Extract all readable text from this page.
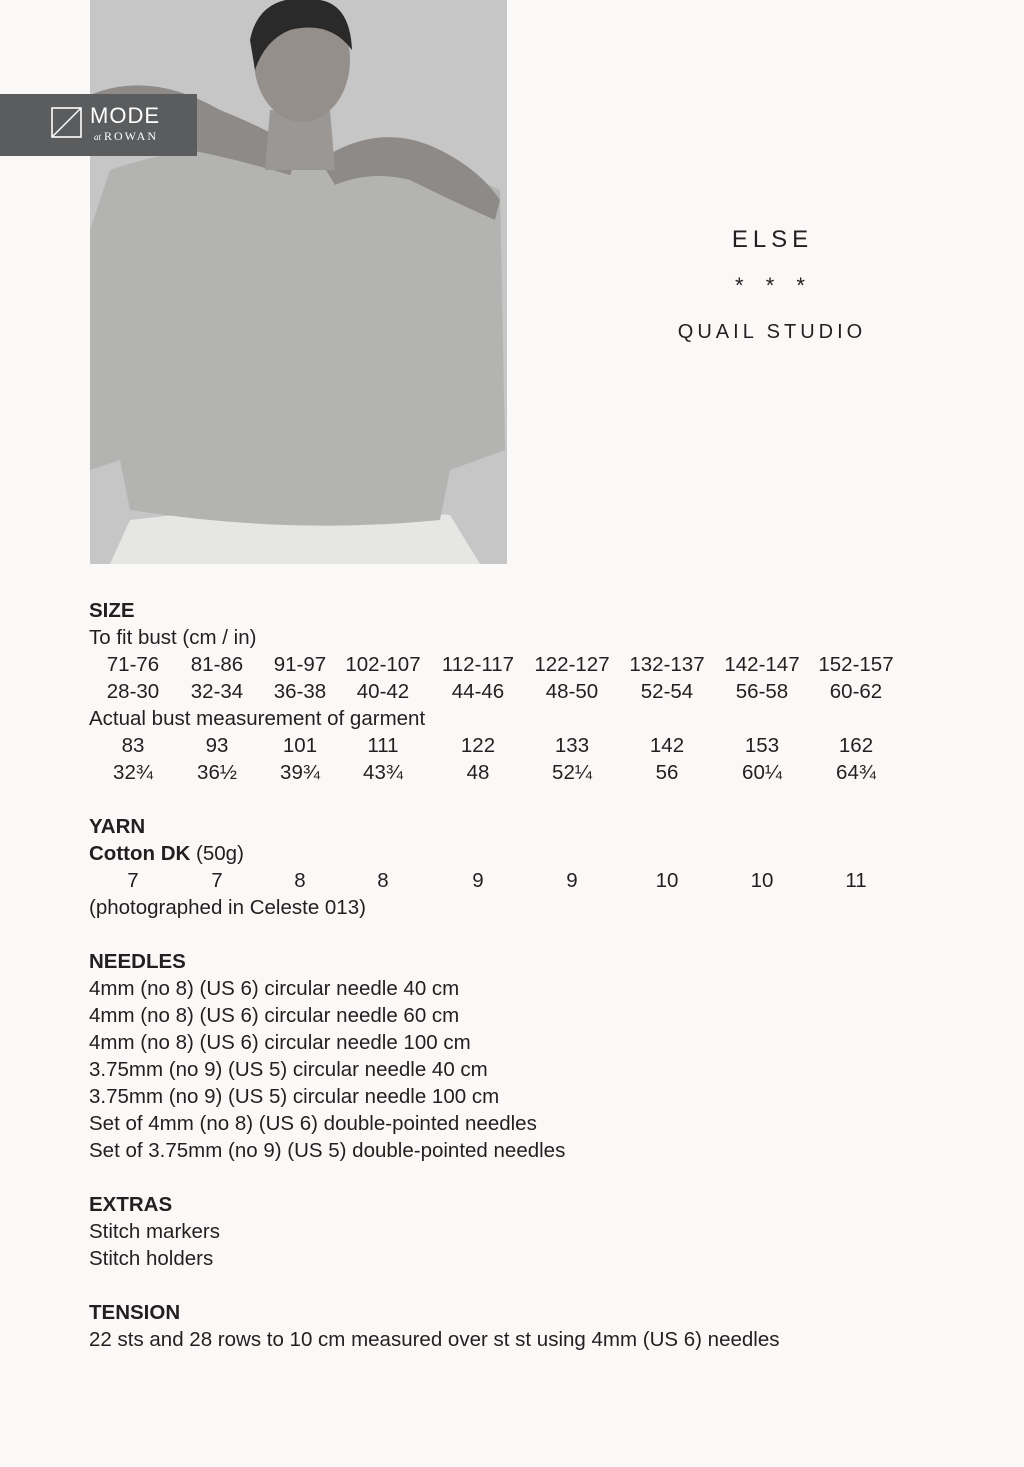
MODE
at ROWAN
ELSE
* * *
QUAIL STUDIO
SIZE
To fit bust (cm / in)
71-76	81-86	91-97 102-107	112-117 122-127 132-137 142-147 152-157
28-30	32-34	36-38	40-42	44-46	48-50	52-54	56-58	60-62
Actual bust measurement of garment
83	93	101	111	122	133	142	153	162
32¾	36½	39¾	43¾	48	52¼	56	60¼	64¾
YARN
Cotton DK (50g)
7	7	8	8	9	9	10	10	11
(photographed in Celeste 013)
NEEDLES
4mm (no 8) (US 6) circular needle 40 cm
4mm (no 8) (US 6) circular needle 60 cm
4mm (no 8) (US 6) circular needle 100 cm
3.75mm (no 9) (US 5) circular needle 40 cm
3.75mm (no 9) (US 5) circular needle 100 cm
Set of 4mm (no 8) (US 6) double-pointed needles
Set of 3.75mm (no 9) (US 5) double-pointed needles
EXTRAS
Stitch markers
Stitch holders
TENSION
22 sts and 28 rows to 10 cm measured over st st using 4mm (US 6) needles
